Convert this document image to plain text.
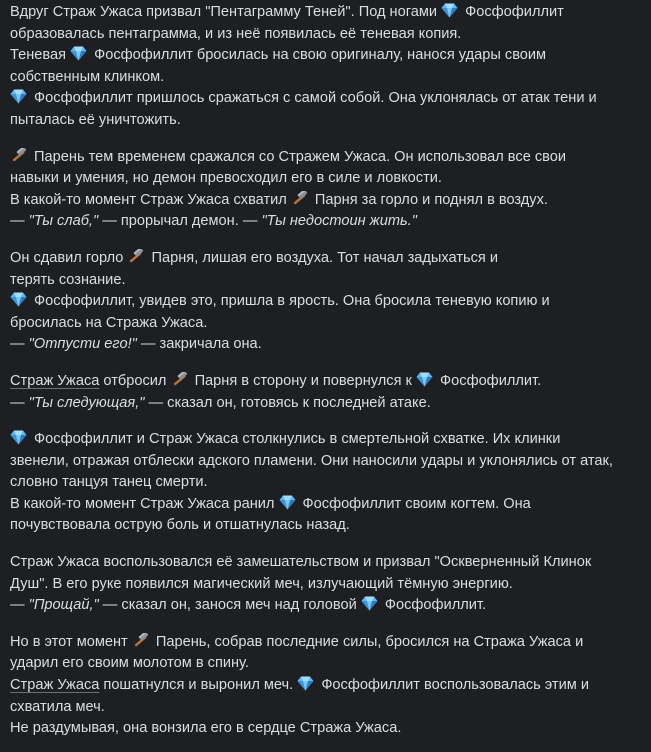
Вдруг Страж Ужаса призвал "Пентаграмму Теней". Под ногами  Фосфофиллит
образовалась пентаграмма, и из неё появилась её теневая копия.
Теневая  Фосфофиллит бросилась на свою оригиналу, нанося удары своим
собственным клинком.
Фосфофиллит пришлось сражаться с самой собой. Она уклонялась от атак тени и
пыталась её уничтожить.
Парень тем временем сражался со Стражем Ужаса. Он использовал все свои
навыки и умения, но демон превосходил его в силе и ловкости.
В какой-то момент Страж Ужаса схватил  Парня за горло и поднял в воздух.
— "Ты слаб," — прорычал демон. — "Ты недостоин жить."
Он сдавил горло  Парня, лишая его воздуха. Тот начал задыхаться и
терять сознание.
Фосфофиллит, увидев это, пришла в ярость. Она бросила теневую копию и
бросилась на Стража Ужаса.
— "Отпусти его!" — закричала она.
Страж Ужаса отбросил  Парня в сторону и повернулся к  Фосфофиллит.
— "Ты следующая," — сказал он, готовясь к последней атаке.
Фосфофиллит и Страж Ужаса столкнулись в смертельной схватке. Их клинки
звенели, отражая отблески адского пламени. Они наносили удары и уклонялись от атак,
словно танцуя танец смерти.
В какой-то момент Страж Ужаса ранил  Фосфофиллит своим когтем. Она
почувствовала острую боль и отшатнулась назад.
Страж Ужаса воспользовался её замешательством и призвал "Оскверненный Клинок
Душ". В его руке появился магический меч, излучающий тёмную энергию.
— "Прощай," — сказал он, занося меч над головой  Фосфофиллит.
Но в этот момент  Парень, собрав последние силы, бросился на Стража Ужаса и
ударил его своим молотом в спину.
Страж Ужаса пошатнулся и выронил меч.  Фосфофиллит воспользовалась этим и
схватила меч.
Не раздумывая, она вонзила его в сердце Стража Ужаса.
